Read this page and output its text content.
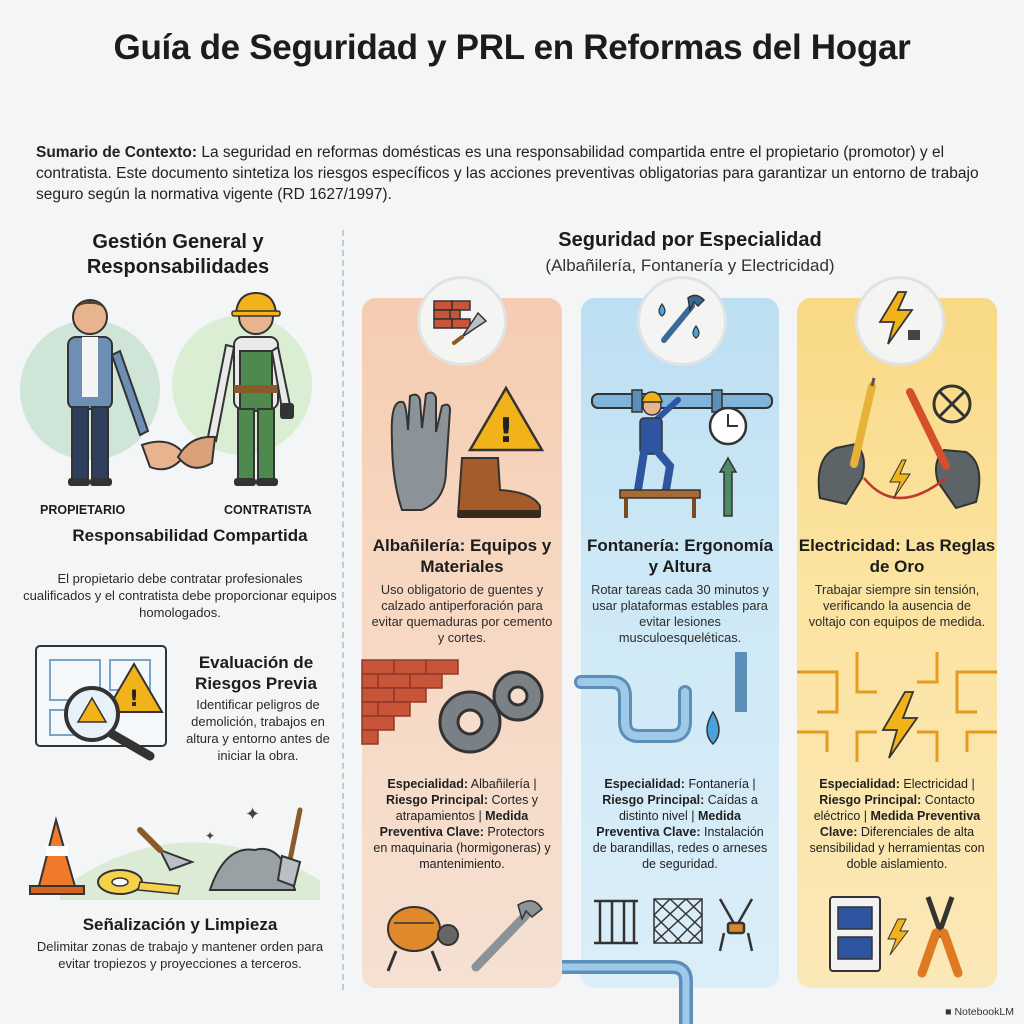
Guía de Seguridad y PRL en Reformas del Hogar
Sumario de Contexto: La seguridad en reformas domésticas es una responsabilidad compartida entre el propietario (promotor) y el contratista. Este documento sintetiza los riesgos específicos y las acciones preventivas obligatorias para garantizar un entorno de trabajo seguro según la normativa vigente (RD 1627/1997).
Gestión General y Responsabilidades
PROPIETARIO	CONTRATISTA
Responsabilidad Compartida
El propietario debe contratar profesionales cualificados y el contratista debe proporcionar equipos homologados.
!
Evaluación de Riesgos Previa
Identificar peligros de demolición, trabajos en altura y entorno antes de iniciar la obra.
✦
✦
Señalización y Limpieza
Delimitar zonas de trabajo y mantener orden para evitar tropiezos y proyecciones a terceros.
Seguridad por Especialidad
(Albañilería, Fontanería y Electricidad)
!
Albañilería: Equipos y Materiales
Uso obligatorio de guentes y calzado antiperforación para evitar quemaduras por cemento y cortes.
Fontanería: Ergonomía y Altura
Rotar tareas cada 30 minutos y usar plataformas estables para evitar lesiones musculoesqueléticas.
Electricidad: Las Reglas de Oro
Trabajar siempre sin tensión, verificando la ausencia de voltajo con equipos de medida.
Especialidad: Albañilería | Riesgo Principal: Cortes y atrapamientos | Medida Preventiva Clave: Protectors en maquinaria (hormigoneras) y mantenimiento.
Especialidad: Fontanería | Riesgo Principal: Caídas a distinto nivel | Medida Preventiva Clave: Instalación de barandillas, redes o arneses de seguridad.
Especialidad: Electricidad | Riesgo Principal: Contacto eléctrico | Medida Preventiva Clave: Diferenciales de alta sensibilidad y herramientas con doble aislamiento.
■ NotebookLM
